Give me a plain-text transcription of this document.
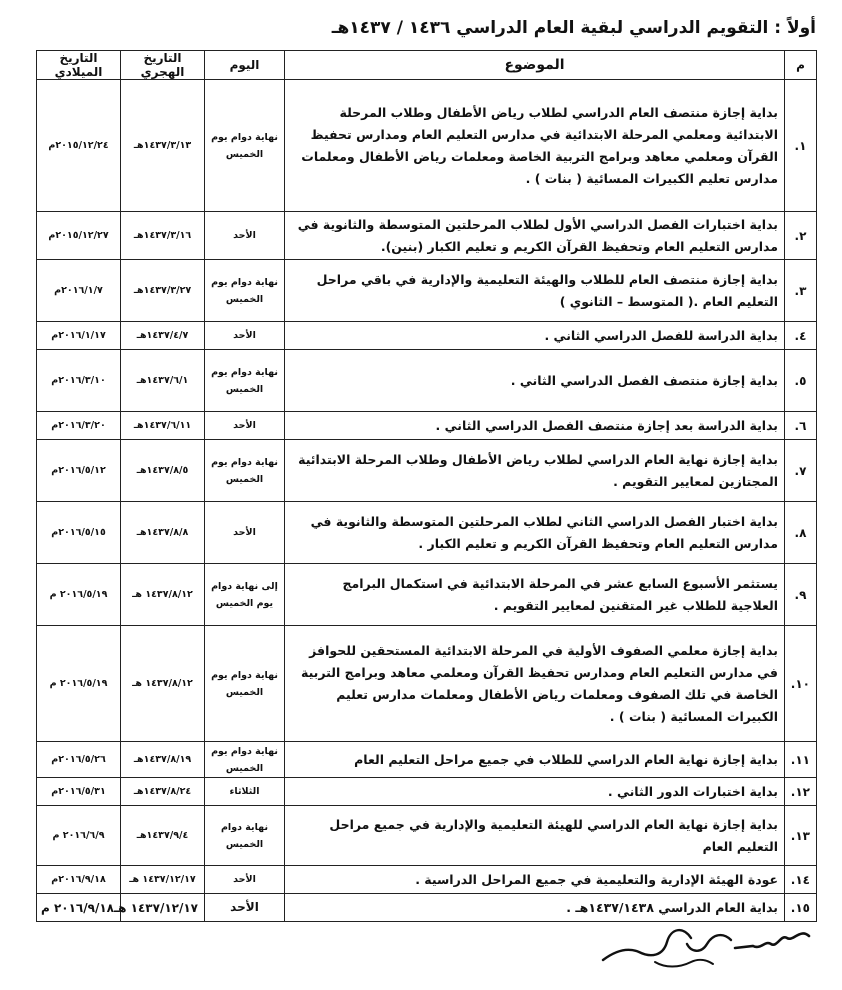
أولاً : التقويم الدراسي لبقية العام الدراسي ١٤٣٦ / ١٤٣٧هـ
م	الموضوع	اليوم	التاريخ الهجري	التاريخ الميلادي
١.	بداية إجازة منتصف العام الدراسي لطلاب رياض الأطفال وطلاب المرحلة الابتدائية ومعلمي المرحلة الابتدائية في مدارس التعليم العام ومدارس تحفيظ القرآن ومعلمي معاهد وبرامج التربية الخاصة ومعلمات رياض الأطفال ومعلمات مدارس تعليم الكبيرات المسائية ( بنات ) .	نهاية دوام يوم الخميس	١٤٣٧/٣/١٣هـ	٢٠١٥/١٢/٢٤م
٢.	بداية اختبارات الفصل الدراسي الأول لطلاب المرحلتين المتوسطة والثانوية في مدارس التعليم العام وتحفيظ القرآن الكريم و تعليم الكبار (بنين).	الأحد	١٤٣٧/٣/١٦هـ	٢٠١٥/١٢/٢٧م
٣.	بداية إجازة منتصف العام للطلاب والهيئة التعليمية والإدارية في باقي مراحل التعليم العام .( المتوسط – الثانوي )	نهاية دوام يوم الخميس	١٤٣٧/٣/٢٧هـ	٢٠١٦/١/٧م
٤.	بداية الدراسة للفصل الدراسي الثاني .	الأحد	١٤٣٧/٤/٧هـ	٢٠١٦/١/١٧م
٥.	بداية إجازة منتصف الفصل الدراسي الثاني .	نهاية دوام يوم الخميس	١٤٣٧/٦/١هـ	٢٠١٦/٣/١٠م
٦.	بداية الدراسة بعد إجازة منتصف الفصل الدراسي الثاني .	الأحد	١٤٣٧/٦/١١هـ	٢٠١٦/٣/٢٠م
٧.	بداية إجازة نهاية العام الدراسي لطلاب رياض الأطفال وطلاب المرحلة الابتدائية المجتازين لمعايير التقويم .	نهاية دوام يوم الخميس	١٤٣٧/٨/٥هـ	٢٠١٦/٥/١٢م
٨.	بداية اختبار الفصل الدراسي الثاني لطلاب المرحلتين المتوسطة والثانوية في مدارس التعليم العام وتحفيظ القرآن الكريم و تعليم الكبار .	الأحد	١٤٣٧/٨/٨هـ	٢٠١٦/٥/١٥م
٩.	يستثمر الأسبوع السابع عشر في المرحلة الابتدائية في استكمال البرامج العلاجية للطلاب غير المتقنين لمعايير التقويم .	إلى نهاية دوام يوم الخميس	١٤٣٧/٨/١٢ هـ	٢٠١٦/٥/١٩ م
١٠.	بداية إجازة معلمي الصفوف الأولية في المرحلة الابتدائية المستحقين للحوافز في مدارس التعليم العام ومدارس تحفيظ القرآن ومعلمي معاهد وبرامج التربية الخاصة في تلك الصفوف ومعلمات رياض الأطفال ومعلمات مدارس تعليم الكبيرات المسائية ( بنات ) .	نهاية دوام يوم الخميس	١٤٣٧/٨/١٢ هـ	٢٠١٦/٥/١٩ م
١١.	بداية إجازة نهاية العام الدراسي للطلاب في جميع مراحل التعليم العام	نهاية دوام يوم الخميس	١٤٣٧/٨/١٩هـ	٢٠١٦/٥/٢٦م
١٢.	بداية اختبارات الدور الثاني .	الثلاثاء	١٤٣٧/٨/٢٤هـ	٢٠١٦/٥/٣١م
١٣.	بداية إجازة نهاية العام الدراسي للهيئة التعليمية والإدارية في جميع مراحل التعليم العام	نهاية دوام الخميس	١٤٣٧/٩/٤هـ	٢٠١٦/٦/٩ م
١٤.	عودة الهيئة الإدارية والتعليمية في جميع المراحل الدراسية .	الأحد	١٤٣٧/١٢/١٧ هـ	٢٠١٦/٩/١٨م
١٥.	بداية العام الدراسي ١٤٣٧/١٤٣٨هـ .	الأحد	١٤٣٧/١٢/١٧ هـ	٢٠١٦/٩/١٨ م
